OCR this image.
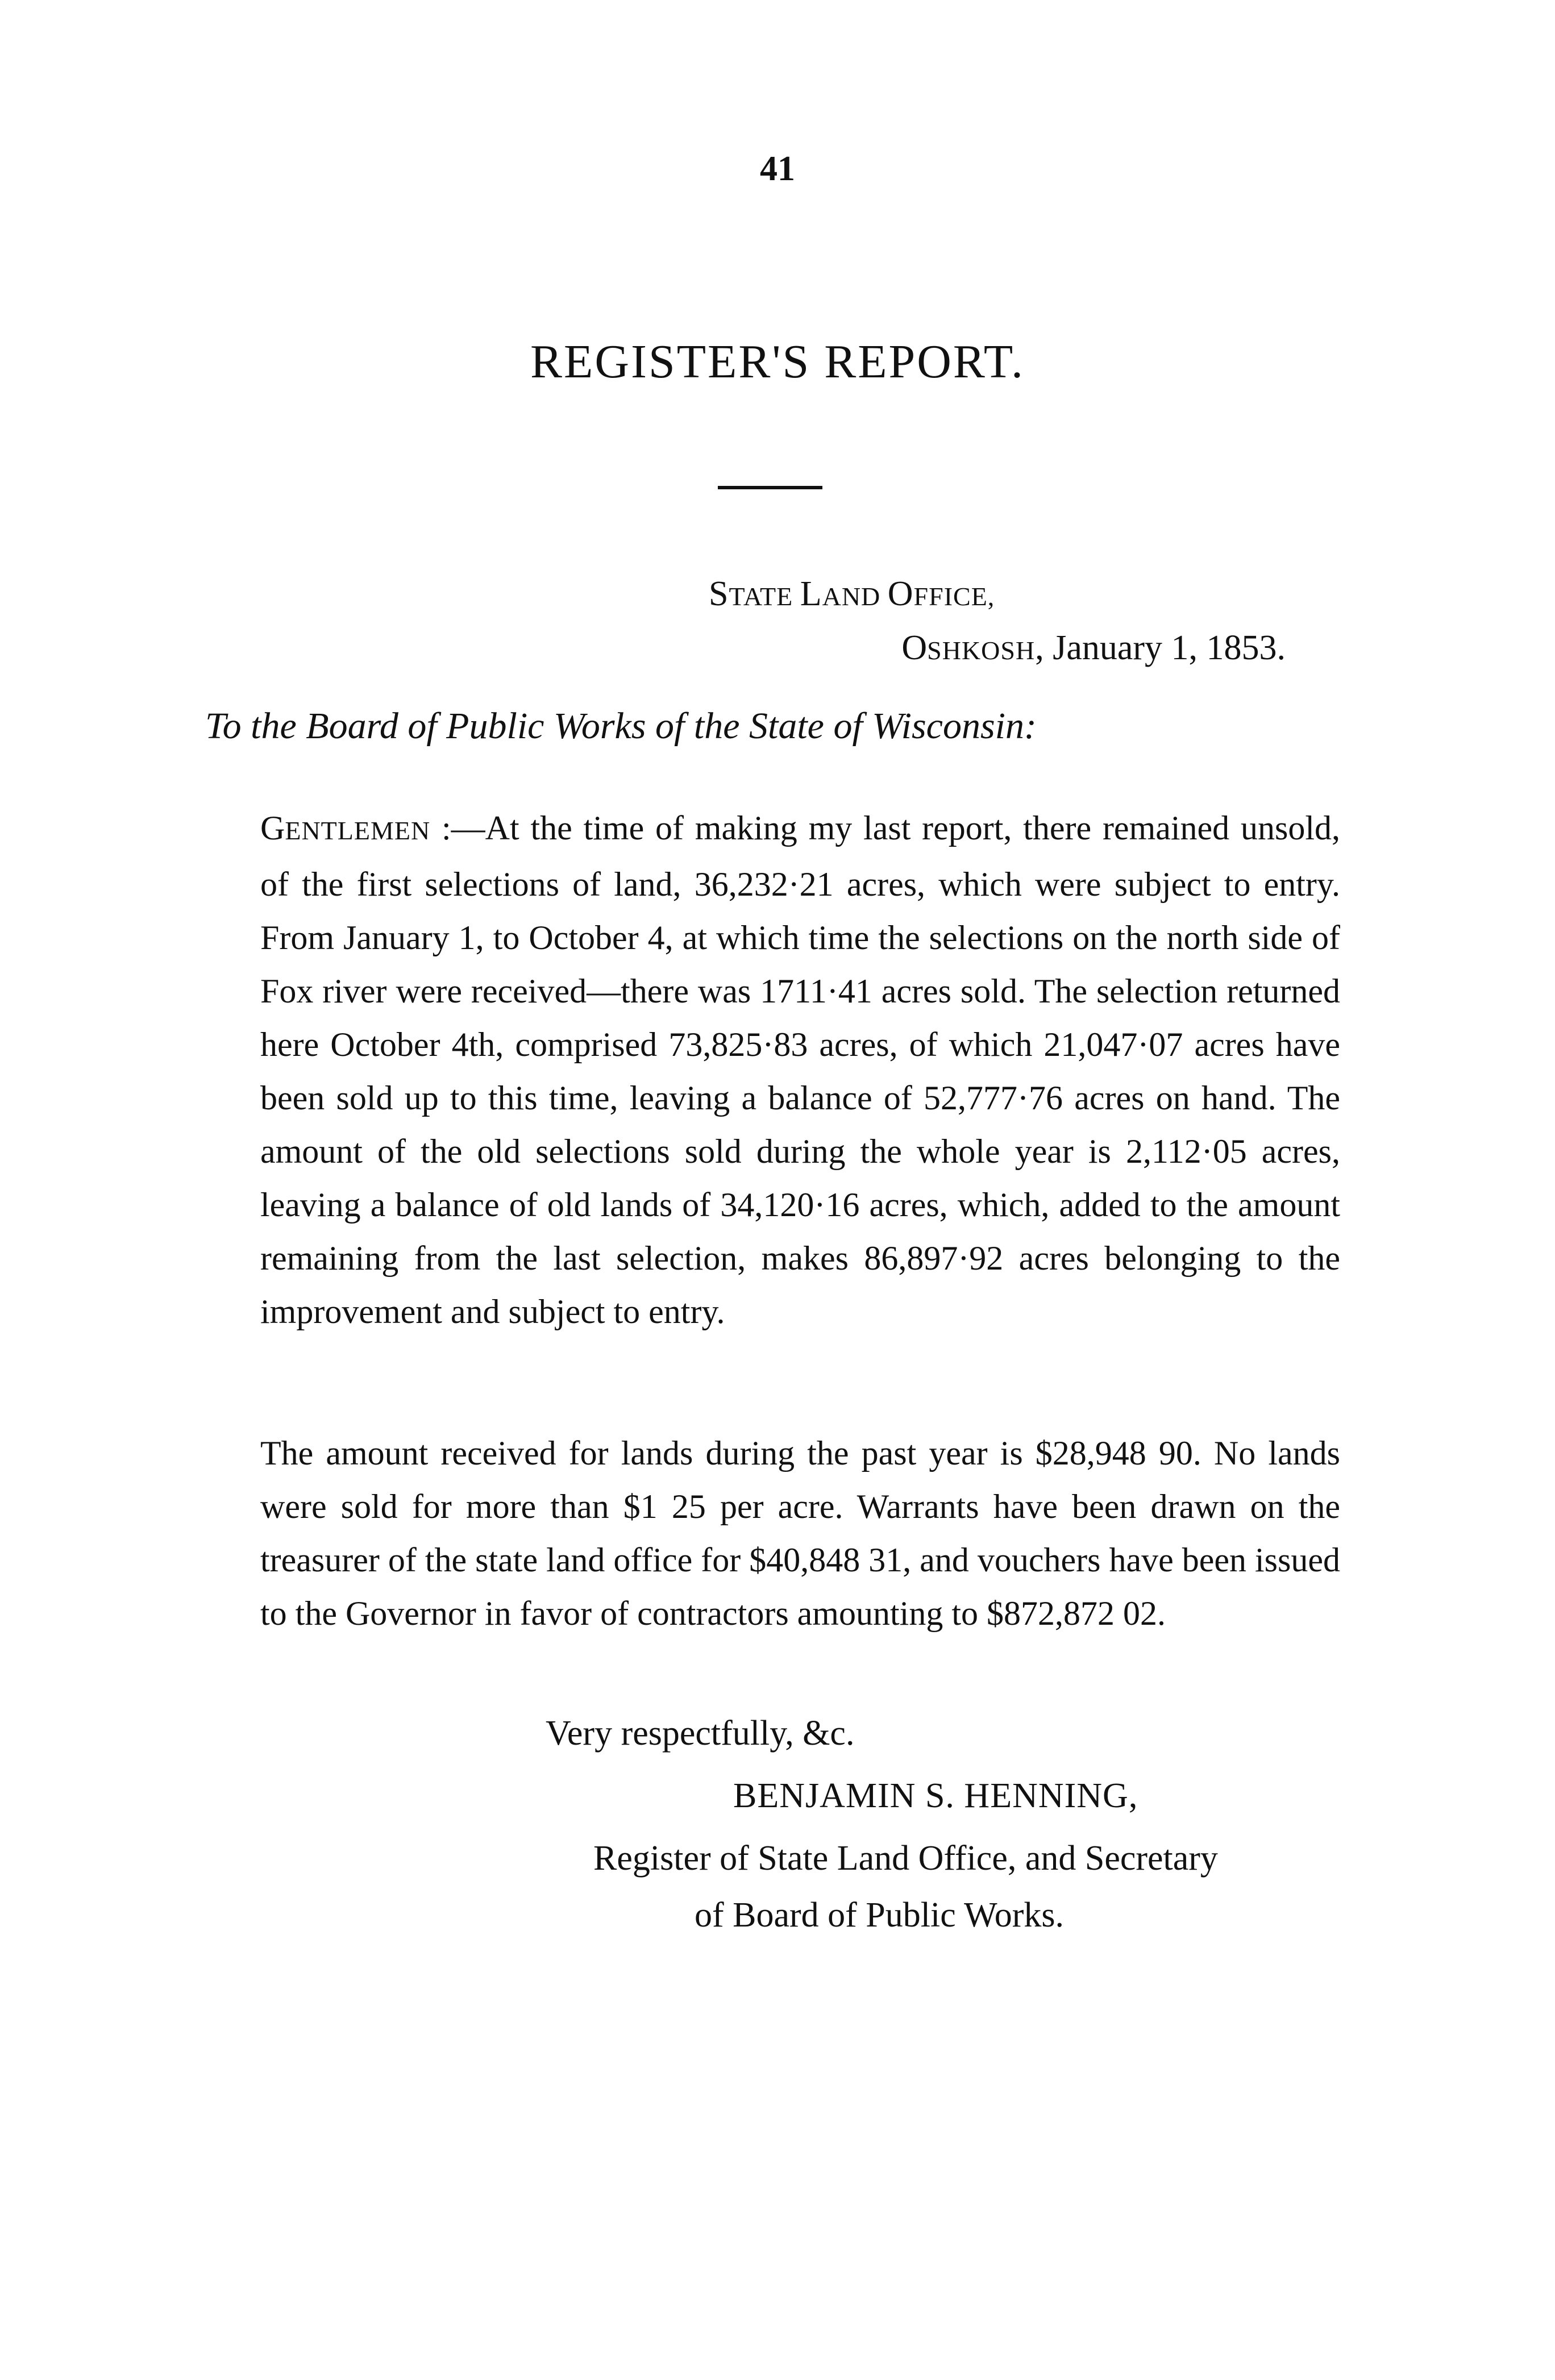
41
REGISTER'S REPORT.
STATE LAND OFFICE,
OSHKOSH, January 1, 1853.
To the Board of Public Works of the State of Wisconsin:

GENTLEMEN :—At the time of making my last report, there remained unsold, of the first selections of land, 36,232·21 acres, which were subject to entry. From January 1, to October 4, at which time the selections on the north side of Fox river were received—there was 1711·41 acres sold. The selection returned here October 4th, comprised 73,825·83 acres, of which 21,047·07 acres have been sold up to this time, leaving a balance of 52,777·76 acres on hand. The amount of the old selections sold during the whole year is 2,112·05 acres, leaving a balance of old lands of 34,120·16 acres, which, added to the amount remaining from the last selection, makes 86,897·92 acres belonging to the improvement and subject to entry.

The amount received for lands during the past year is $28,948 90. No lands were sold for more than $1 25 per acre. Warrants have been drawn on the treasurer of the state land office for $40,848 31, and vouchers have been issued to the Governor in favor of contractors amounting to $872,872 02.

Very respectfully, &c.
BENJAMIN S. HENNING,
Register of State Land Office, and Secretary
of Board of Public Works.
